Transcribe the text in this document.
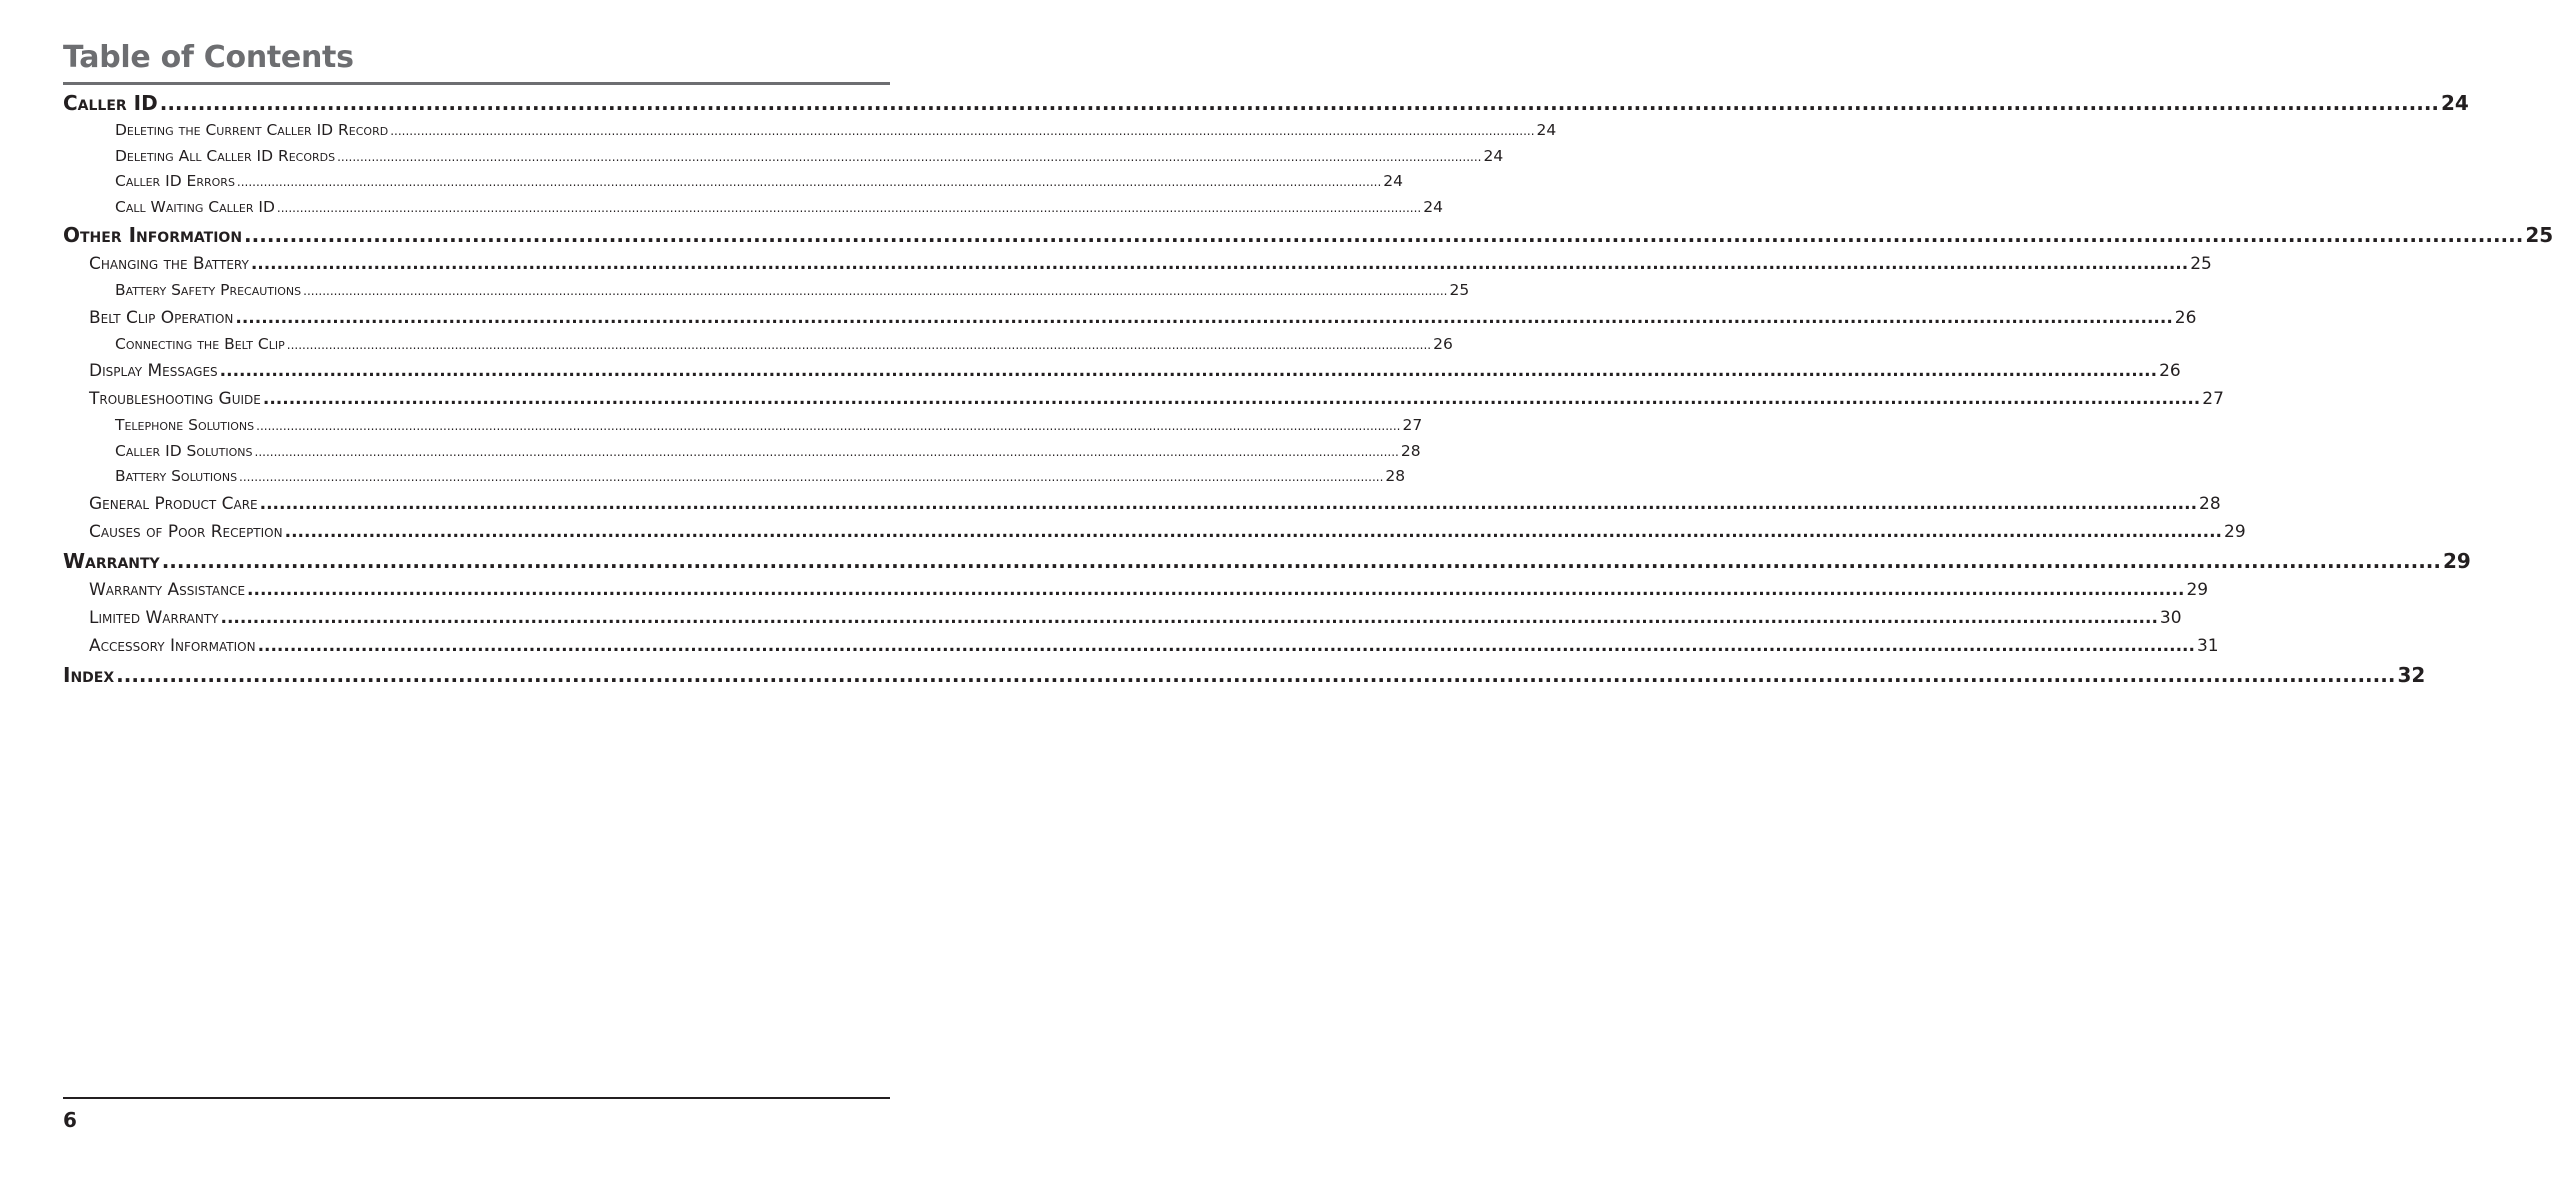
Table of Contents
Caller ID ............................................................................................................................................................................................................................................................................................................ 24
Deleting the Current Caller ID Record ............................................................................................................................................................................................................................................................................................................ 24
Deleting All Caller ID Records ............................................................................................................................................................................................................................................................................................................ 24
Caller ID Errors ............................................................................................................................................................................................................................................................................................................ 24
Call Waiting Caller ID ............................................................................................................................................................................................................................................................................................................ 24
Other Information ............................................................................................................................................................................................................................................................................................................ 25
Changing the Battery ............................................................................................................................................................................................................................................................................................................ 25
Battery Safety Precautions ............................................................................................................................................................................................................................................................................................................ 25
Belt Clip Operation ............................................................................................................................................................................................................................................................................................................ 26
Connecting the Belt Clip ............................................................................................................................................................................................................................................................................................................ 26
Display Messages ............................................................................................................................................................................................................................................................................................................ 26
Troubleshooting Guide ............................................................................................................................................................................................................................................................................................................ 27
Telephone Solutions ............................................................................................................................................................................................................................................................................................................ 27
Caller ID Solutions ............................................................................................................................................................................................................................................................................................................ 28
Battery Solutions ............................................................................................................................................................................................................................................................................................................ 28
General Product Care ............................................................................................................................................................................................................................................................................................................ 28
Causes of Poor Reception ............................................................................................................................................................................................................................................................................................................ 29
Warranty ............................................................................................................................................................................................................................................................................................................ 29
Warranty Assistance ............................................................................................................................................................................................................................................................................................................ 29
Limited Warranty ............................................................................................................................................................................................................................................................................................................ 30
Accessory Information ............................................................................................................................................................................................................................................................................................................ 31
Index ............................................................................................................................................................................................................................................................................................................ 32
6
